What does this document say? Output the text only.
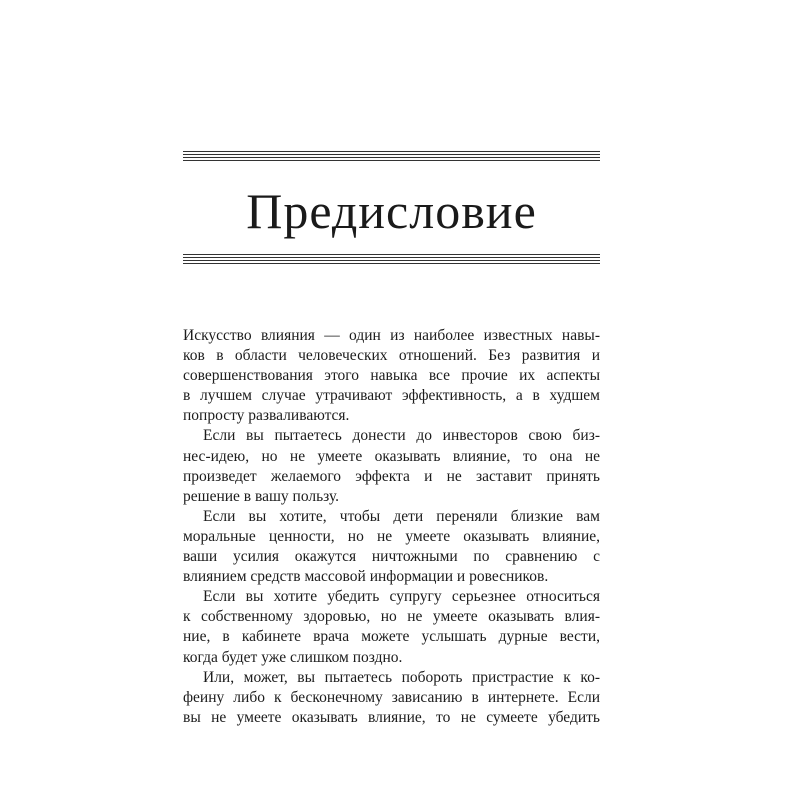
Предисловие
Искусство влияния — один из наиболее известных навы-
ков в области человеческих отношений. Без развития и
совершенствования этого навыка все прочие их аспекты
в лучшем случае утрачивают эффективность, а в худшем
попросту разваливаются.
Если вы пытаетесь донести до инвесторов свою биз-
нес-идею, но не умеете оказывать влияние, то она не
произведет желаемого эффекта и не заставит принять
решение в вашу пользу.
Если вы хотите, чтобы дети переняли близкие вам
моральные ценности, но не умеете оказывать влияние,
ваши усилия окажутся ничтожными по сравнению с
влиянием средств массовой информации и ровесников.
Если вы хотите убедить супругу серьезнее относиться
к собственному здоровью, но не умеете оказывать влия-
ние, в кабинете врача можете услышать дурные вести,
когда будет уже слишком поздно.
Или, может, вы пытаетесь побороть пристрастие к ко-
феину либо к бесконечному зависанию в интернете. Если
вы не умеете оказывать влияние, то не сумеете убедить
